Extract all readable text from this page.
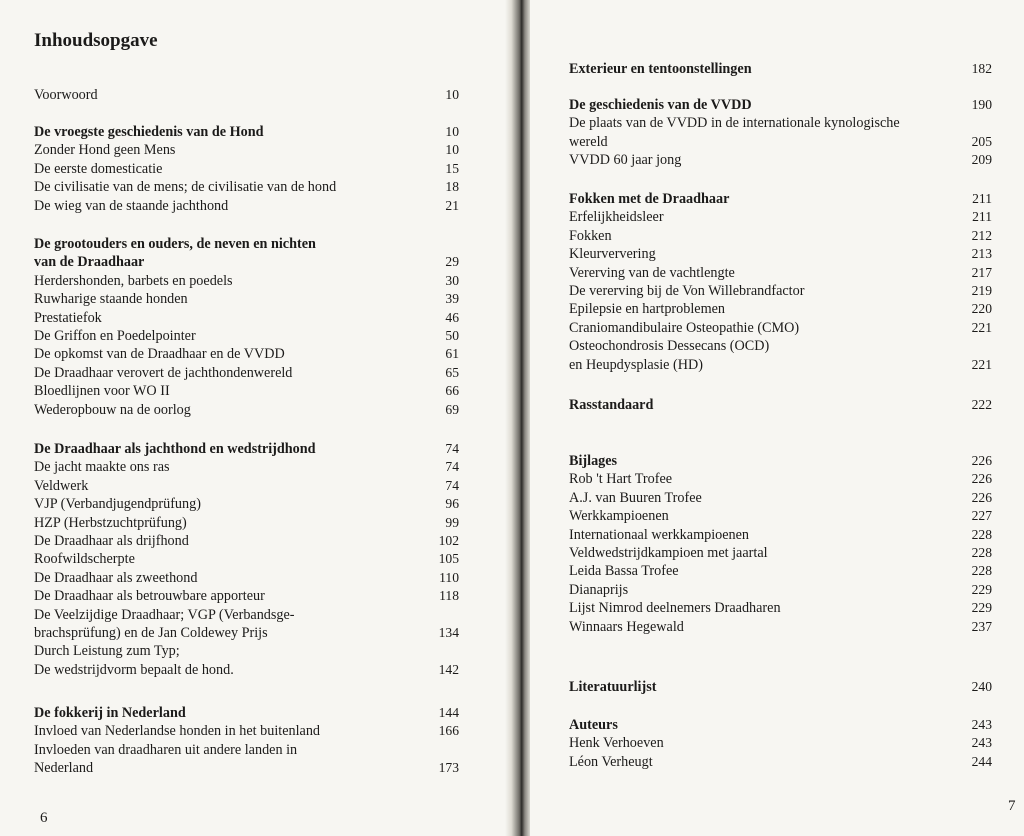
Inhoudsopgave
Voorwoord	10
De vroegste geschiedenis van de Hond	10
Zonder Hond geen Mens	10
De eerste domesticatie	15
De civilisatie van de mens; de civilisatie van de hond	18
De wieg van de staande jachthond	21
De grootouders en ouders, de neven en nichten
van de Draadhaar	29
Herdershonden, barbets en poedels	30
Ruwharige staande honden	39
Prestatiefok	46
De Griffon en Poedelpointer	50
De opkomst van de Draadhaar en de VVDD	61
De Draadhaar verovert de jachthondenwereld	65
Bloedlijnen voor WO II	66
Wederopbouw na de oorlog	69
De Draadhaar als jachthond en wedstrijdhond	74
De jacht maakte ons ras	74
Veldwerk	74
VJP (Verbandjugendprüfung)	96
HZP (Herbstzuchtprüfung)	99
De Draadhaar als drijfhond	102
Roofwildscherpte	105
De Draadhaar als zweethond	110
De Draadhaar als betrouwbare apporteur	118
De Veelzijdige Draadhaar; VGP (Verbandsge-
brachsprüfung) en de Jan Coldewey Prijs	134
Durch Leistung zum Typ;
De wedstrijdvorm bepaalt de hond.	142
De fokkerij in Nederland	144
Invloed van Nederlandse honden in het buitenland	166
Invloeden van draadharen uit andere landen in
Nederland	173
6
Exterieur en tentoonstellingen	182
De geschiedenis van de VVDD	190
De plaats van de VVDD in de internationale kynologische
wereld	205
VVDD 60 jaar jong	209
Fokken met de Draadhaar	211
Erfelijkheidsleer	211
Fokken	212
Kleurververing	213
Vererving van de vachtlengte	217
De vererving bij de Von Willebrandfactor	219
Epilepsie en hartproblemen	220
Craniomandibulaire Osteopathie (CMO)	221
Osteochondrosis Dessecans (OCD)
en Heupdysplasie (HD)	221
Rasstandaard	222
Bijlages	226
Rob 't Hart Trofee	226
A.J. van Buuren Trofee	226
Werkkampioenen	227
Internationaal werkkampioenen	228
Veldwedstrijdkampioen met jaartal	228
Leida Bassa Trofee	228
Dianaprijs	229
Lijst Nimrod deelnemers Draadharen	229
Winnaars Hegewald	237
Literatuurlijst	240
Auteurs	243
Henk Verhoeven	243
Léon Verheugt	244
7
